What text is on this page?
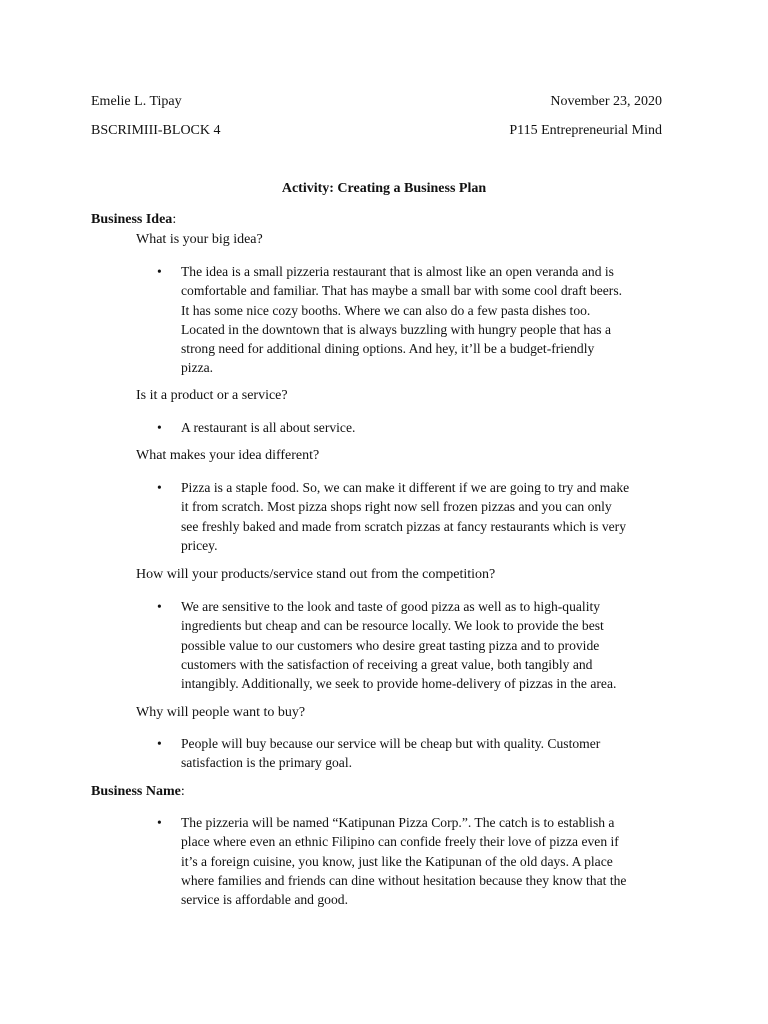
Emelie L. Tipay	November 23, 2020
BSCRIMIII-BLOCK 4	P115 Entrepreneurial Mind
Activity: Creating a Business Plan
Business Idea:
What is your big idea?
• The idea is a small pizzeria restaurant that is almost like an open veranda and is
comfortable and familiar. That has maybe a small bar with some cool draft beers.
It has some nice cozy booths. Where we can also do a few pasta dishes too.
Located in the downtown that is always buzzling with hungry people that has a
strong need for additional dining options. And hey, it’ll be a budget-friendly
pizza.
Is it a product or a service?
• A restaurant is all about service.
What makes your idea different?
• Pizza is a staple food. So, we can make it different if we are going to try and make
it from scratch. Most pizza shops right now sell frozen pizzas and you can only
see freshly baked and made from scratch pizzas at fancy restaurants which is very
pricey.
How will your products/service stand out from the competition?
• We are sensitive to the look and taste of good pizza as well as to high-quality
ingredients but cheap and can be resource locally. We look to provide the best
possible value to our customers who desire great tasting pizza and to provide
customers with the satisfaction of receiving a great value, both tangibly and
intangibly. Additionally, we seek to provide home-delivery of pizzas in the area.
Why will people want to buy?
• People will buy because our service will be cheap but with quality. Customer
satisfaction is the primary goal.
Business Name:
• The pizzeria will be named “Katipunan Pizza Corp.”. The catch is to establish a
place where even an ethnic Filipino can confide freely their love of pizza even if
it’s a foreign cuisine, you know, just like the Katipunan of the old days. A place
where families and friends can dine without hesitation because they know that the
service is affordable and good.
